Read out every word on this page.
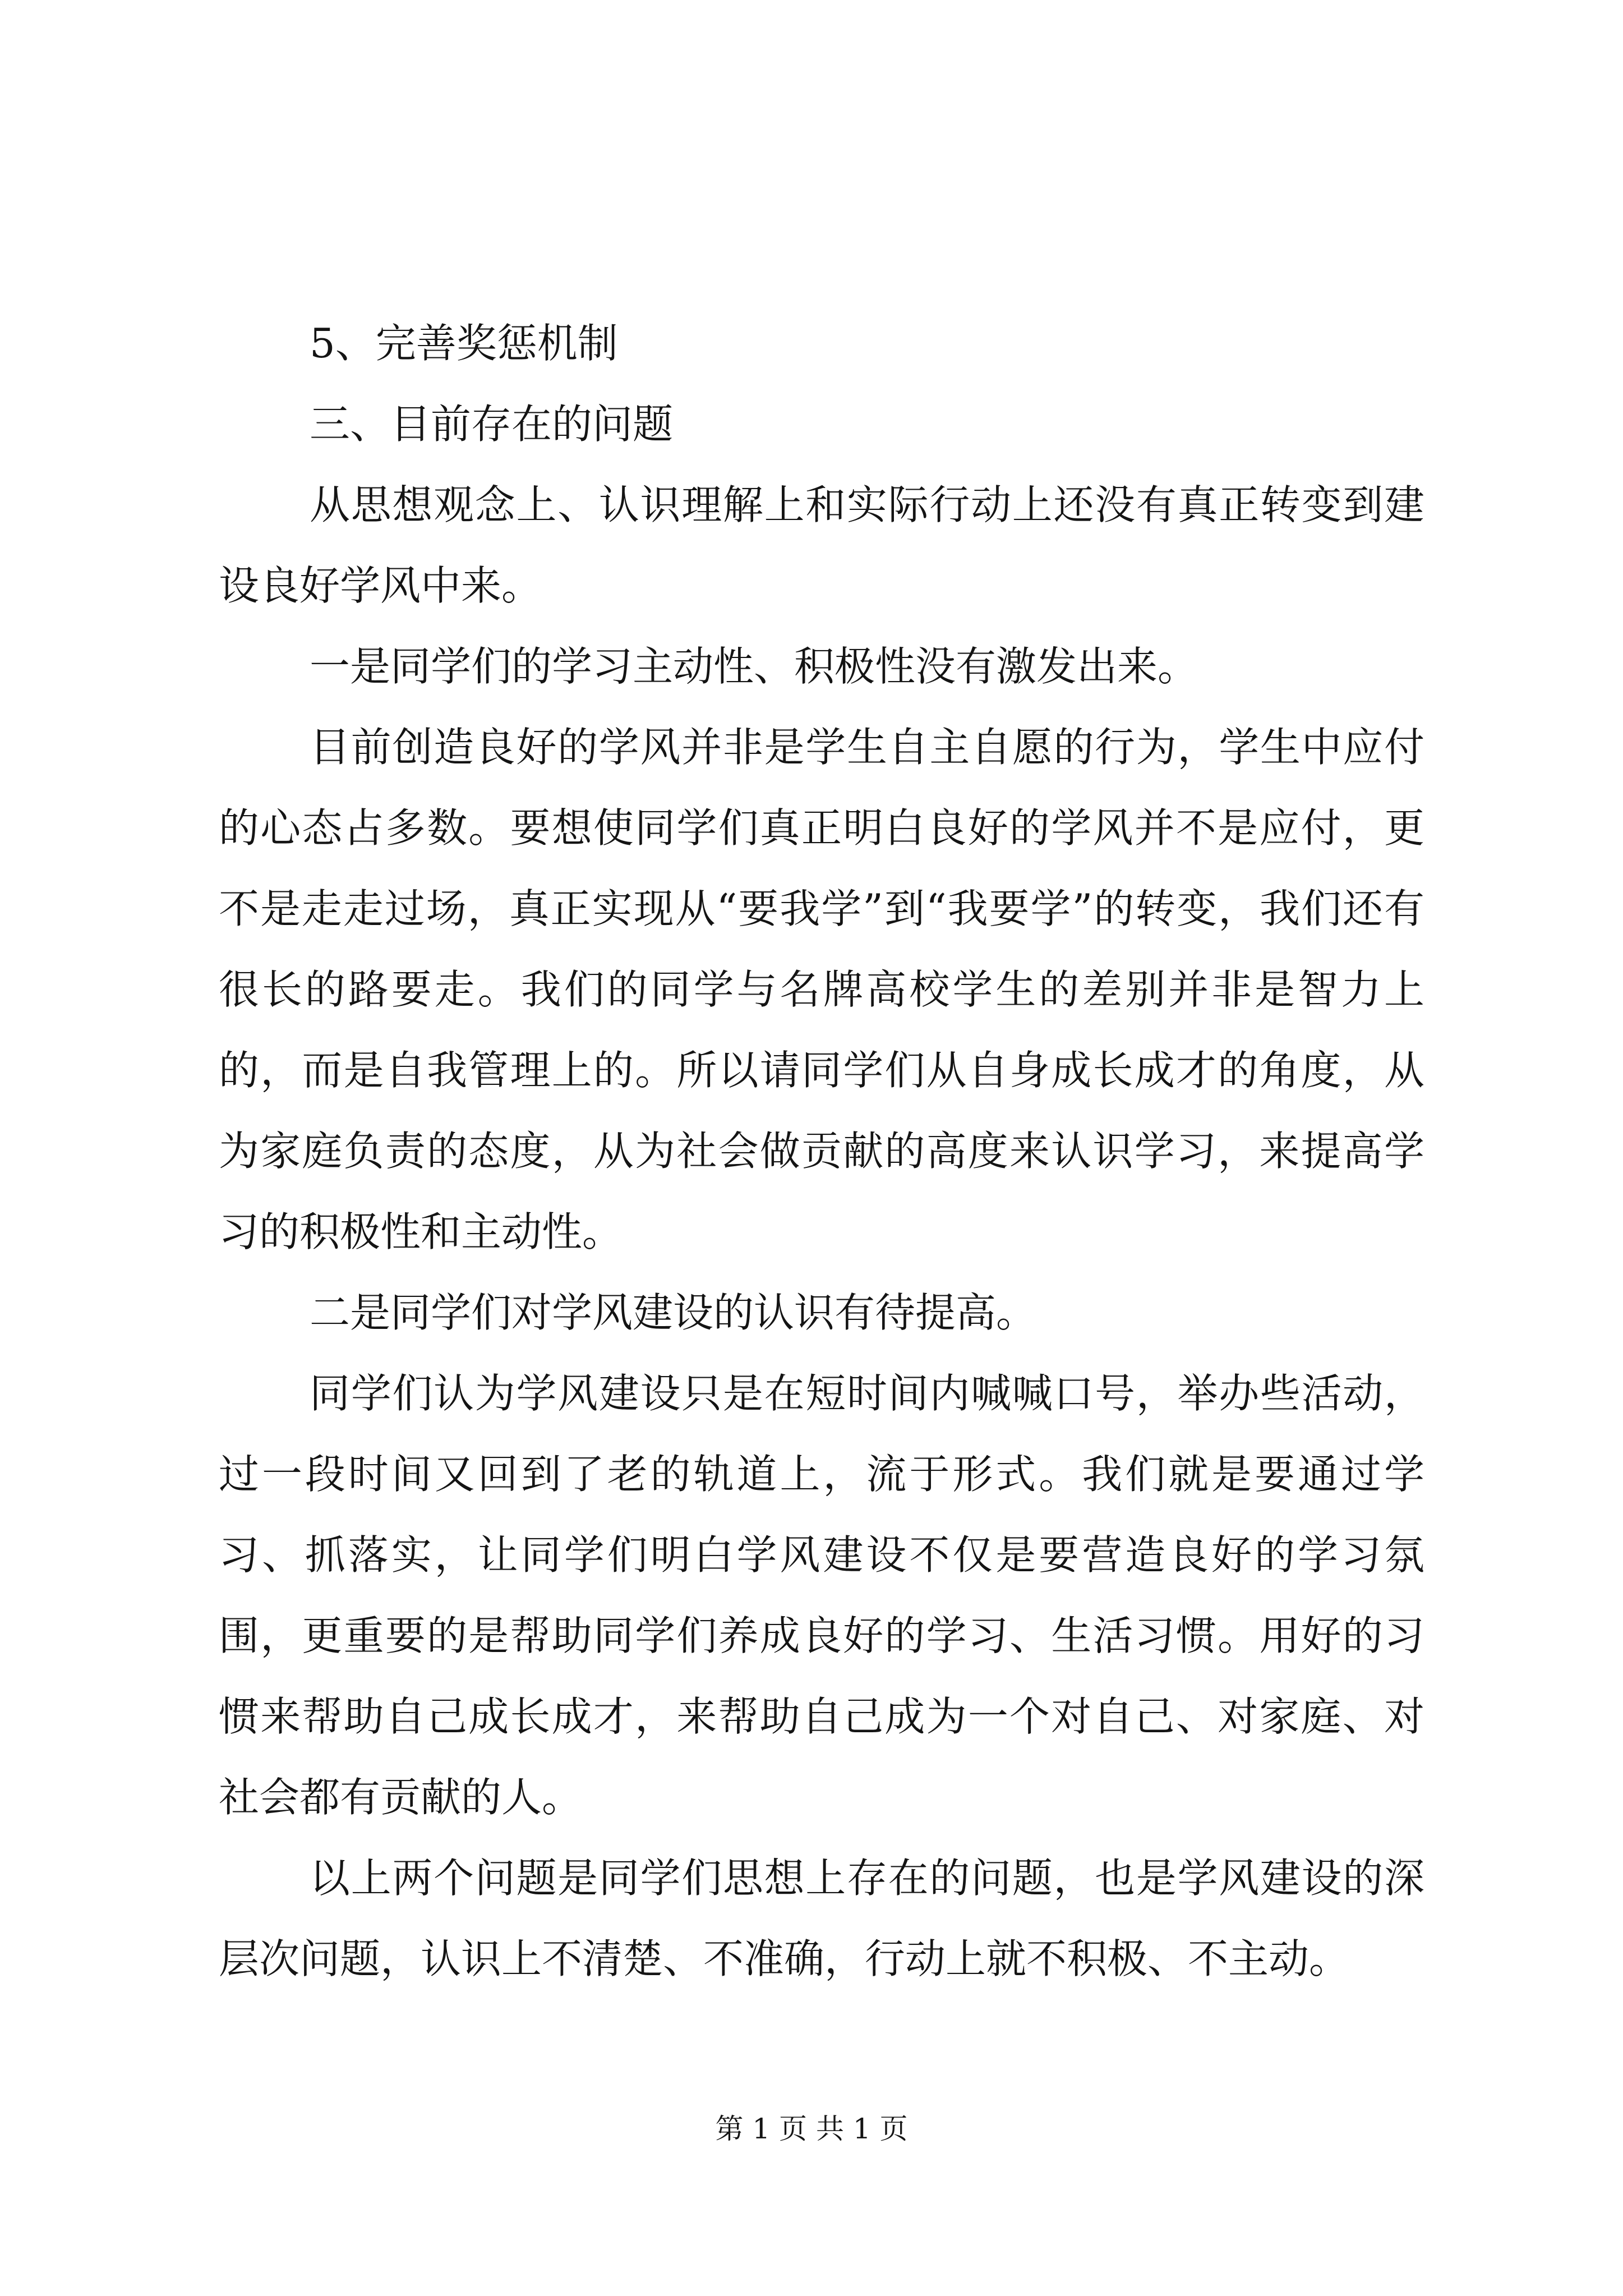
5、完善奖惩机制

三、目前存在的问题

从思想观念上、认识理解上和实际行动上还没有真正转变到建设良好学风中来。

一是同学们的学习主动性、积极性没有激发出来。

目前创造良好的学风并非是学生自主自愿的行为，学生中应付的心态占多数。要想使同学们真正明白良好的学风并不是应付，更不是走走过场，真正实现从“要我学”到“我要学”的转变，我们还有很长的路要走。我们的同学与名牌高校学生的差别并非是智力上的，而是自我管理上的。所以请同学们从自身成长成才的角度，从为家庭负责的态度，从为社会做贡献的高度来认识学习，来提高学习的积极性和主动性。

二是同学们对学风建设的认识有待提高。

同学们认为学风建设只是在短时间内喊喊口号，举办些活动，过一段时间又回到了老的轨道上，流于形式。我们就是要通过学习、抓落实，让同学们明白学风建设不仅是要营造良好的学习氛围，更重要的是帮助同学们养成良好的学习、生活习惯。用好的习惯来帮助自己成长成才，来帮助自己成为一个对自己、对家庭、对社会都有贡献的人。

以上两个问题是同学们思想上存在的问题，也是学风建设的深层次问题，认识上不清楚、不准确，行动上就不积极、不主动。

第 1 页 共 1 页
